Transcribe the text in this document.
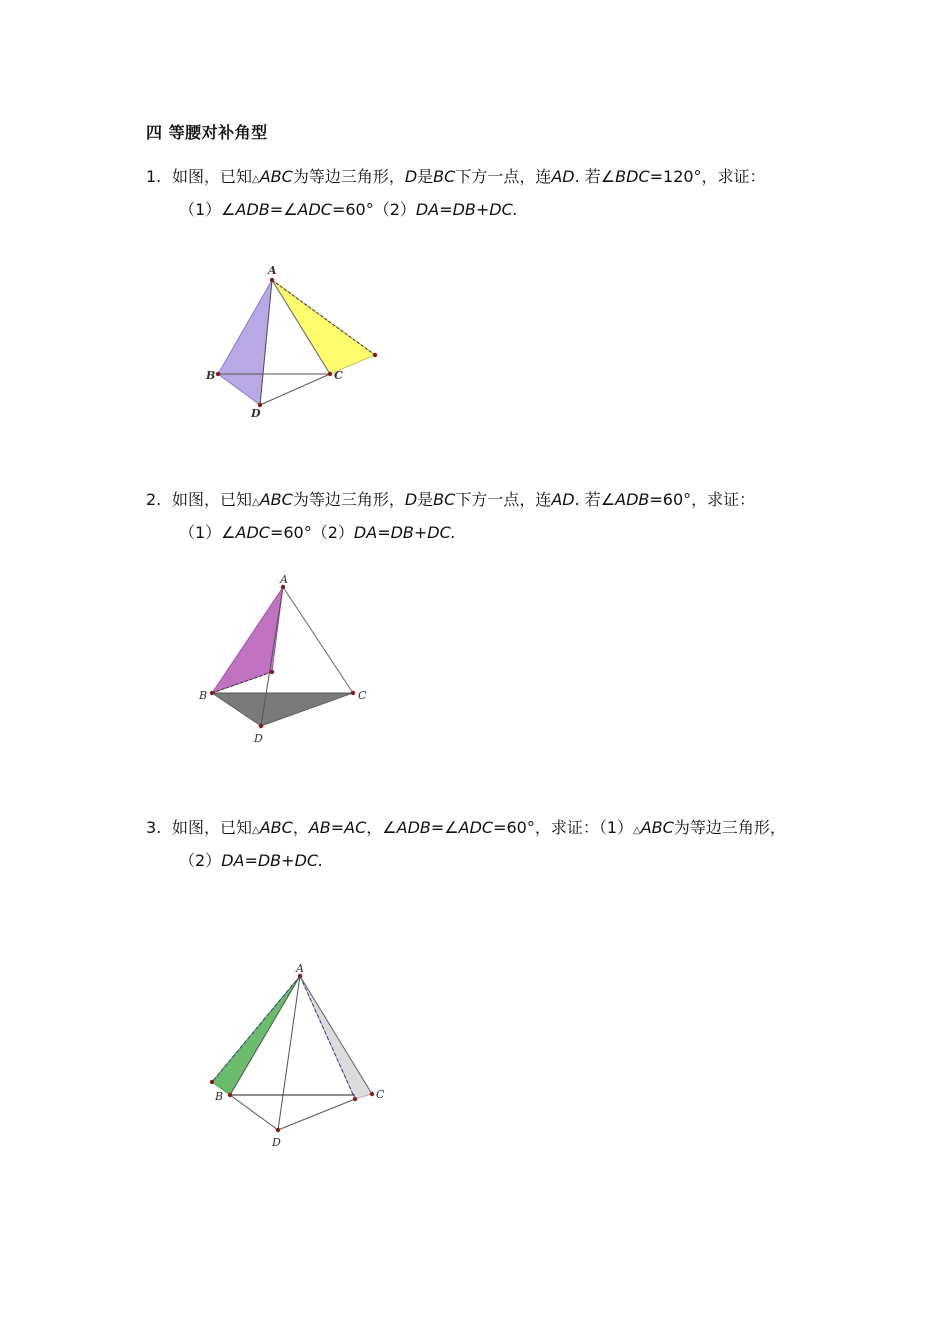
四 等腰对补角型
1. 如图，已知△ABC为等边三角形，D是BC下方一点，连AD. 若∠BDC=120°，求证：
（1）∠ADB=∠ADC=60°（2）DA=DB+DC.
A
B	C
D
2. 如图，已知△ABC为等边三角形，D是BC下方一点，连AD. 若∠ADB=60°，求证：
（1）∠ADC=60°（2）DA=DB+DC.
A
B	C
D
3. 如图，已知△ABC，AB=AC，∠ADB=∠ADC=60°，求证：（1）△ABC为等边三角形，
（2）DA=DB+DC.
A
B	C
D
